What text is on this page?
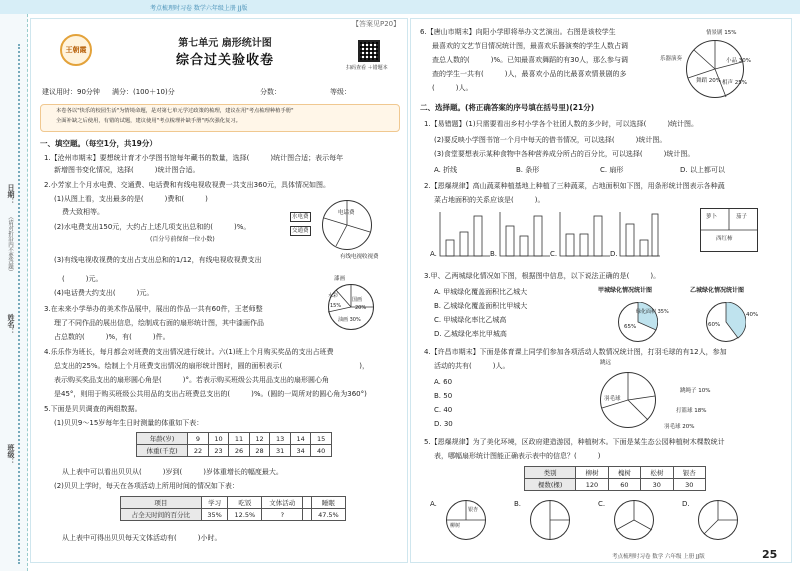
考点梳理时习卷 数学六年级上册 JJ版
日期：
（请对折沿内不要答题）
姓名：
班级：
【答案见P20】
王朝霞
第七单元 扇形统计图
综合过关验收卷	扫码查看 ＋错题本
建议用时：90分钟 满分：(100＋10)分	分数：	等级：
本卷各以"快乐的校园生活"为情境命题，是对第七单元学过政策的梳理，建议在用"考点梳理种植手册"
全面补缺之后使用，有错的试题，建议使用"考点梳理补缺手册"再次强化复习。
一、填空题。（每空1分，共19分）
1.【沧州市期末】要想统计育才小学图书馆每年藏书的数量，选择(　　　)统计图合适；表示每年
新增图书变化情况，选择(　　　)统计图合适。
2.小芳家上个月水电费、交通费、电话费和有线电视收视费一共支出360元，具体情况如图。
(1)从图上看，支出最多的是(　　　)费和(　　　)
费大致相等。
(2)水电费支出150元，大约占上述几项支出总和的(　　　)%。
(百分号前保留一位小数)
(3)有线电视收视费的支出占支出总和的1/12，有线电视收视费支出
(　　　)元。
(4)电话费大约支出(　　　)元。
电话费
水电费
交通费
有线电视收视费
3.在未来小学举办的美术作品展中，展出的作品一共有60件，王老师整
理了不同作品的展出信息，绘制成右面的扇形统计图，其中漆画作品
占总数的(　　　)%，有(　　　)件。
漆画
水彩
国画
15%	20%
油画 30%
4.乐乐作为班长，每月都会对班费的支出情况进行统计。六(1)班上个月购买奖品的支出占班费
总支出的25%。绘制上个月班费支出情况的扇形统计图时，圆的面积表示(　　　　　　　　　　　)，
表示购买奖品支出的扇形圆心角是(　　　)°。若表示购买班级公共用品支出的扇形圆心角
是45°，则用于购买班级公共用品的支出占班费总支出的(　　　)%。(圆的一周所对的圆心角为360°)
5.下面是贝贝调查的两组数据。
(1)贝贝9～15岁每年生日时测量的体重如下表：
年龄(岁)	9	10	11	12	13	14	15
体重(千克)	22	23	26	28	31	34	40
从上表中可以看出贝贝从(　　　)岁到(　　　)岁体重增长的幅度最大。
(2)贝贝上学时，每天在各项活动上所用时间的情况如下表：
项目	学习	吃饭	文体活动		睡眠
占全天时间的百分比	35%	12.5%	?		47.5%
从上表中可得出贝贝每天文体活动有(　　　)小时。
6.【唐山市期末】向阳小学即将举办文艺演出。右图是该校学生
最喜欢的文艺节目情况统计图，最喜欢乐器演奏的学生人数占调
查总人数的(　　　)%。已知最喜欢舞蹈的有30人，那么参与调
查的学生一共有(　　　)人，最喜欢小品的比最喜欢情景剧的多
(　　　)人。
情景剧 15%
乐器演奏	小品 30%
舞蹈 20% 相声 25%
二、选择题。(将正确答案的序号填在括号里)(21分)
1.【易错题】(1)只需要看出乡村小学各个社团人数的多少时，可以选择(　　　)统计图。
(2)要反映小学图书馆一个月中每天的借书情况，可以选择(　　　)统计图。
(3)食堂要想表示某种食物中各种营养成分所占的百分比，可以选择(　　　)统计图。
A. 折线	B. 条形	C. 扇形	D. 以上都可以
2.【恩爆规律】高山蔬菜种植基地上种植了三种蔬菜，占地面积如下图，用条形统计图表示各种蔬
菜占地面积的关系应该是(　　　)。
A.	B.	C.	D.
萝卜	茄子
西红柿
3.甲、乙两城绿化情况如下图，根据图中信息，以下说法正确的是(　　　)。
A. 甲城绿化覆盖面积比乙城大
B. 乙城绿化覆盖面积比甲城大
C. 甲城绿化率比乙城高
D. 乙城绿化率比甲城高
甲城绿化情况统计图
绿化面积 35%
65%
乙城绿化情况统计图
40%
60%
4.【许昌市期末】下面是体育课上同学们参加各项活动人数情况统计图，打羽毛球的有12人，参加
活动的共有(　　　)人。
A. 60
B. 50
C. 40
D. 30
跳远
羽毛球
跳绳子 10%
打篮球 18%
羽毛球 20%
5.【恩爆规律】为了美化环境，区政府建造游园，种植树木。下面是某生态公园种植树木棵数统计
表，哪幅扇形统计图能正确表示表中的信息？(　　　)
类别	柳树	槐树	松树	银杏
棵数(棵)	120	60	30	30
A.	B.	C.	D.
柳树
银杏
考点梳理时习卷 数学 六年级 上册 JJ版	25
